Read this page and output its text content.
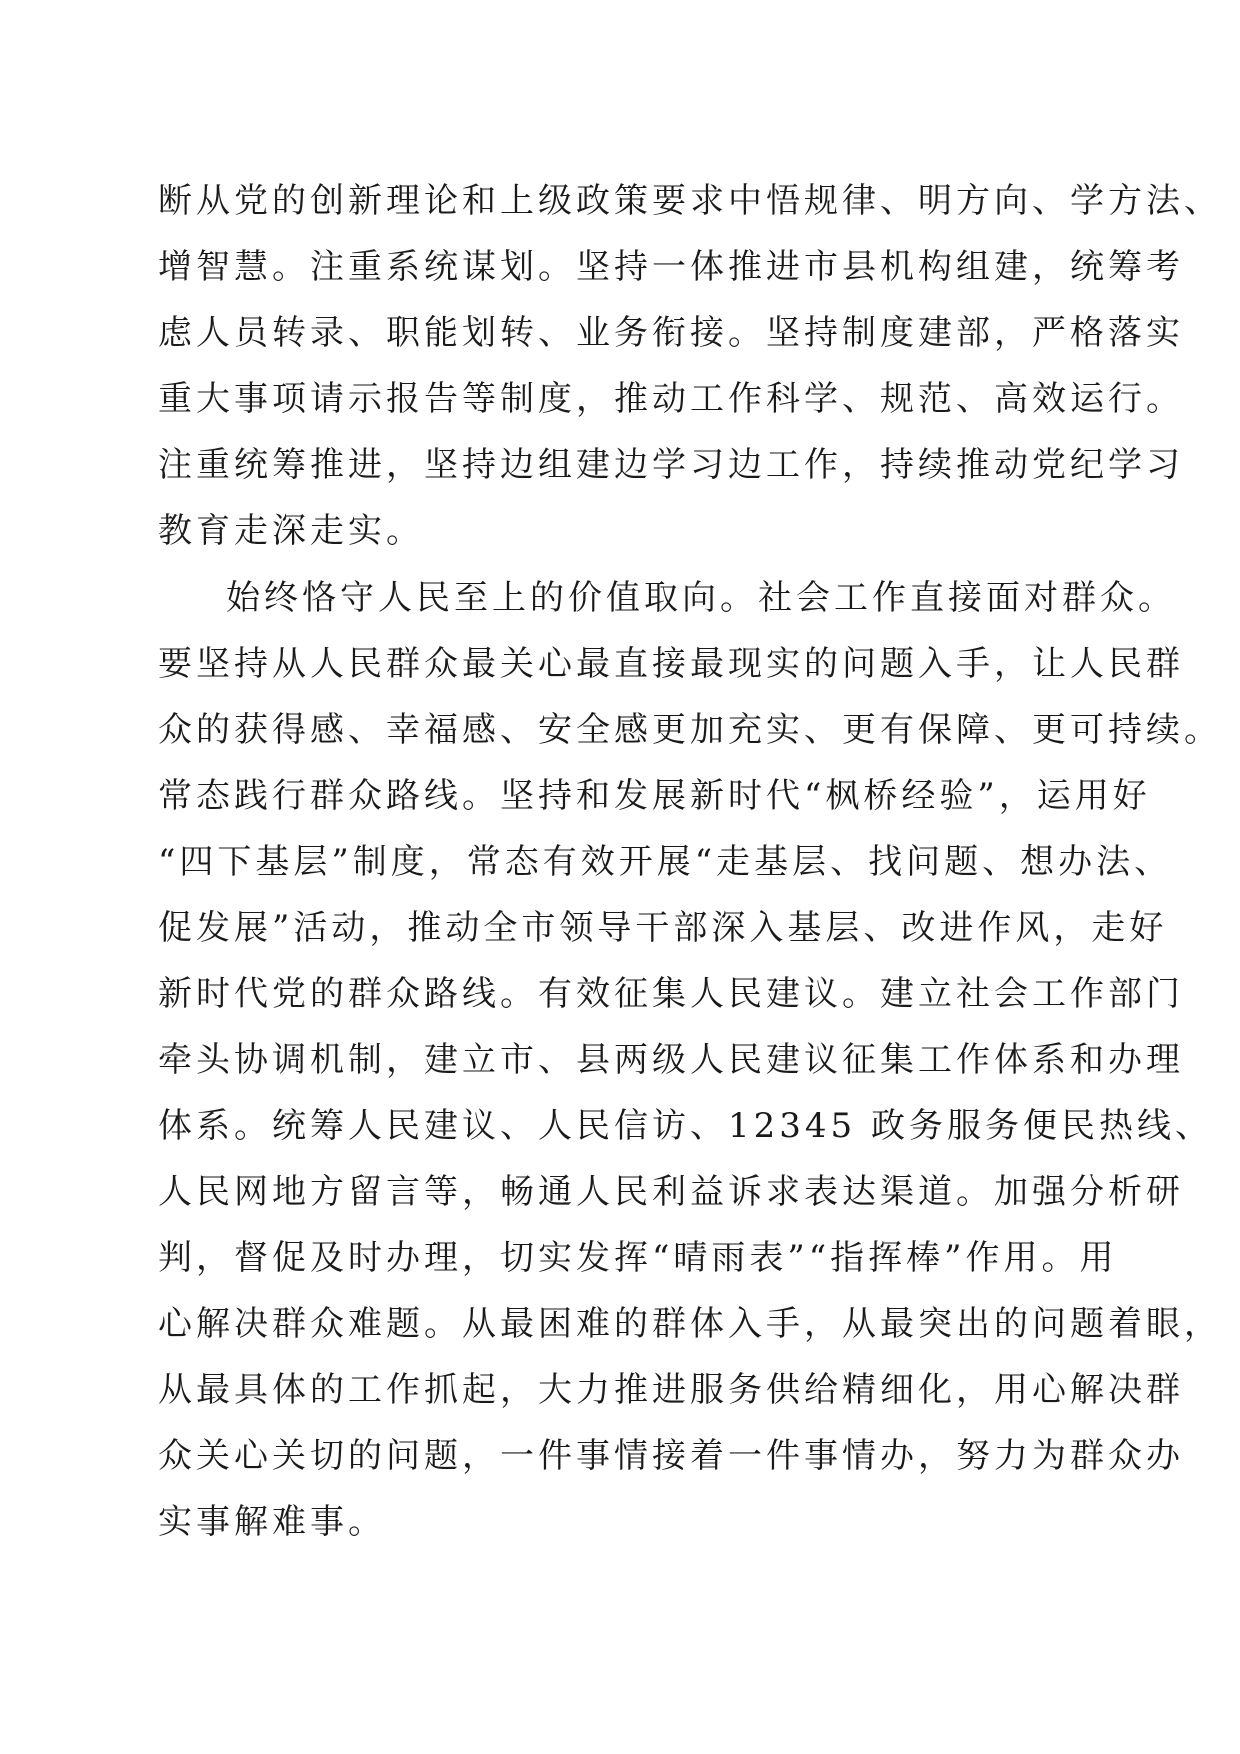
断从党的创新理论和上级政策要求中悟规律、明方向、学方法、
增智慧。注重系统谋划。坚持一体推进市县机构组建，统筹考
虑人员转录、职能划转、业务衔接。坚持制度建部，严格落实
重大事项请示报告等制度，推动工作科学、规范、高效运行。
注重统筹推进，坚持边组建边学习边工作，持续推动党纪学习
教育走深走实。
始终恪守人民至上的价值取向。社会工作直接面对群众。
要坚持从人民群众最关心最直接最现实的问题入手，让人民群
众的获得感、幸福感、安全感更加充实、更有保障、更可持续。
常态践行群众路线。坚持和发展新时代“枫桥经验”，运用好
“四下基层”制度，常态有效开展“走基层、找问题、想办法、
促发展”活动，推动全市领导干部深入基层、改进作风，走好
新时代党的群众路线。有效征集人民建议。建立社会工作部门
牵头协调机制，建立市、县两级人民建议征集工作体系和办理
体系。统筹人民建议、人民信访、12345 政务服务便民热线、
人民网地方留言等，畅通人民利益诉求表达渠道。加强分析研
判，督促及时办理，切实发挥“晴雨表”“指挥棒”作用。用
心解决群众难题。从最困难的群体入手，从最突出的问题着眼，
从最具体的工作抓起，大力推进服务供给精细化，用心解决群
众关心关切的问题，一件事情接着一件事情办，努力为群众办
实事解难事。
